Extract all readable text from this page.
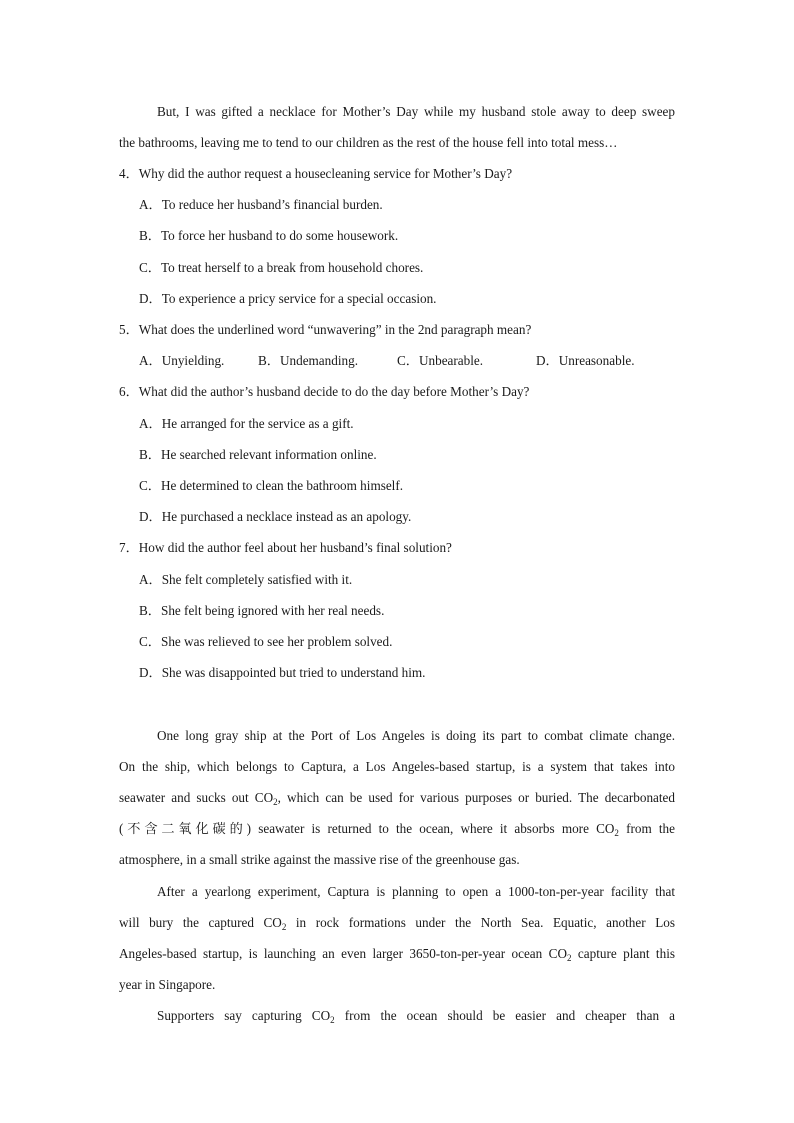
But, I was gifted a necklace for Mother’s Day while my husband stole away to deep sweep
the bathrooms, leaving me to tend to our children as the rest of the house fell into total mess…
4．Why did the author request a housecleaning service for Mother’s Day?
A．To reduce her husband’s financial burden.
B．To force her husband to do some housework.
C．To treat herself to a break from household chores.
D．To experience a pricy service for a special occasion.
5．What does the underlined word “unwavering” in the 2nd paragraph mean?
A．Unyielding.	B．Undemanding.	C．Unbearable.	D．Unreasonable.
6．What did the author’s husband decide to do the day before Mother’s Day?
A．He arranged for the service as a gift.
B．He searched relevant information online.
C．He determined to clean the bathroom himself.
D．He purchased a necklace instead as an apology.
7．How did the author feel about her husband’s final solution?
A．She felt completely satisfied with it.
B．She felt being ignored with her real needs.
C．She was relieved to see her problem solved.
D．She was disappointed but tried to understand him.
One long gray ship at the Port of Los Angeles is doing its part to combat climate change.
On the ship, which belongs to Captura, a Los Angeles-based startup, is a system that takes into
seawater and sucks out $CO_2$, which can be used for various purposes or buried. The decarbonated
(不含二氧化碳的) seawater is returned to the ocean, where it absorbs more $CO_2$ from the
atmosphere, in a small strike against the massive rise of the greenhouse gas.
After a yearlong experiment, Captura is planning to open a 1000-ton-per-year facility that
will bury the captured $CO_2$ in rock formations under the North Sea. Equatic, another Los
Angeles-based startup, is launching an even larger 3650-ton-per-year ocean $CO_2$ capture plant this
year in Singapore.
Supporters say capturing $CO_2$ from the ocean should be easier and cheaper than a
